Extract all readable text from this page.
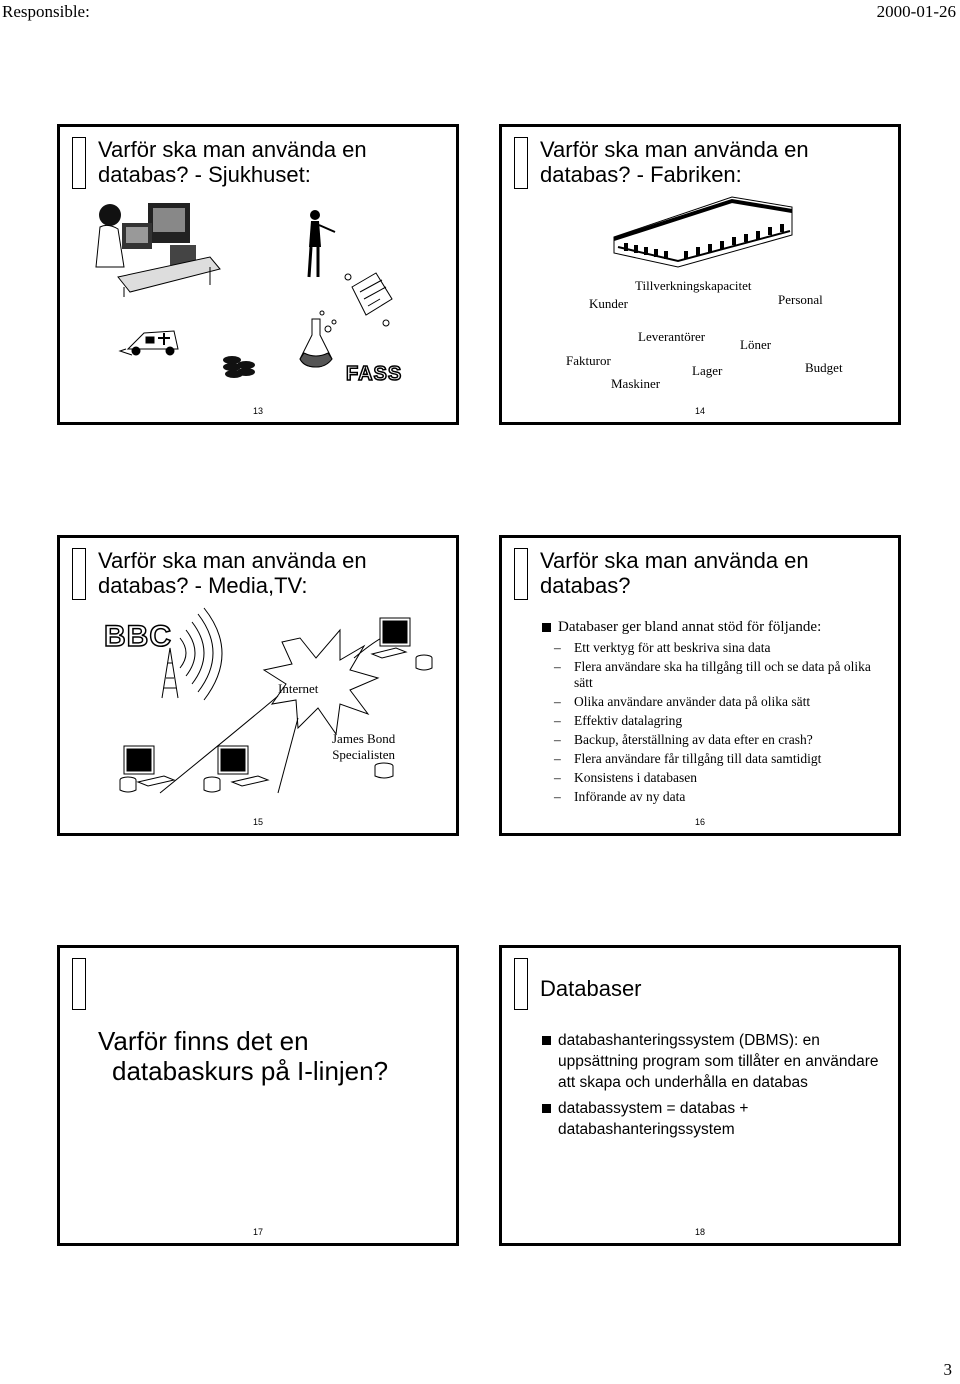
Responsible:	2000-01-26
Varför ska man använda en
databas? - Sjukhuset:
FASS
13
Varför ska man använda en
databas? - Fabriken:
Tillverkningskapacitet
Kunder	Personal
Leverantörer
Löner
Fakturor
Lager	Budget
Maskiner
14
Varför ska man använda en
databas? - Media,TV:
BBC
Internet
James Bond
Specialisten
15
Varför ska man använda en
databas?
Databaser ger bland annat stöd för följande:
– Ett verktyg för att beskriva sina data
– Flera användare ska ha tillgång till och se data på olika sätt
– Olika användare använder data på olika sätt
– Effektiv datalagring
– Backup, återställning av data efter en crash?
– Flera användare får tillgång till data samtidigt
– Konsistens i databasen
– Införande av ny data
16
Varför finns det en
databaskurs på I-linjen?
17
Databaser
databashanteringssystem (DBMS): en uppsättning program som tillåter en användare att skapa och underhålla en databas
databassystem = databas + databashanteringssystem
18
3
